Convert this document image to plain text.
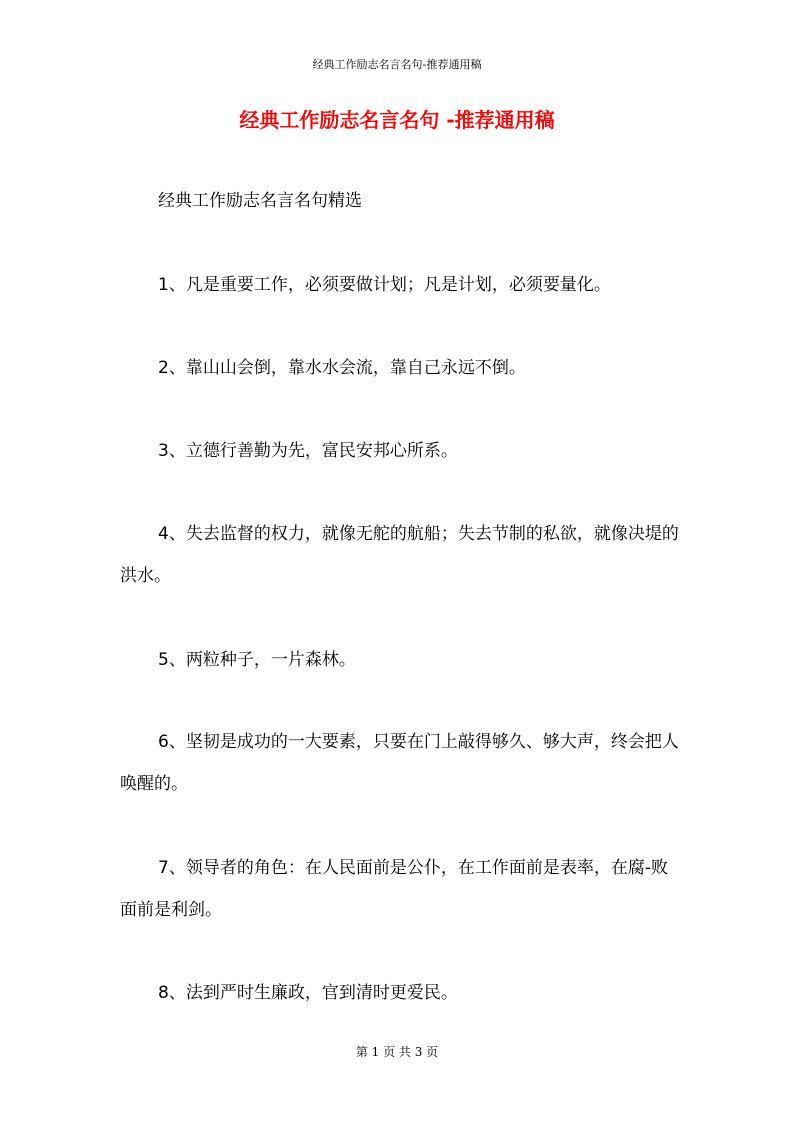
经典工作励志名言名句-推荐通用稿
经典工作励志名言名句 -推荐通用稿

经典工作励志名言名句精选

1、凡是重要工作，必须要做计划；凡是计划，必须要量化。

2、靠山山会倒，靠水水会流，靠自己永远不倒。

3、立德行善勤为先，富民安邦心所系。

4、失去监督的权力，就像无舵的航船；失去节制的私欲，就像决堤的洪水。

5、两粒种子，一片森林。

6、坚韧是成功的一大要素，只要在门上敲得够久、够大声，终会把人唤醒的。

7、领导者的角色：在人民面前是公仆，在工作面前是表率，在腐-败面前是利剑。

8、法到严时生廉政，官到清时更爱民。

第 1 页 共 3 页
